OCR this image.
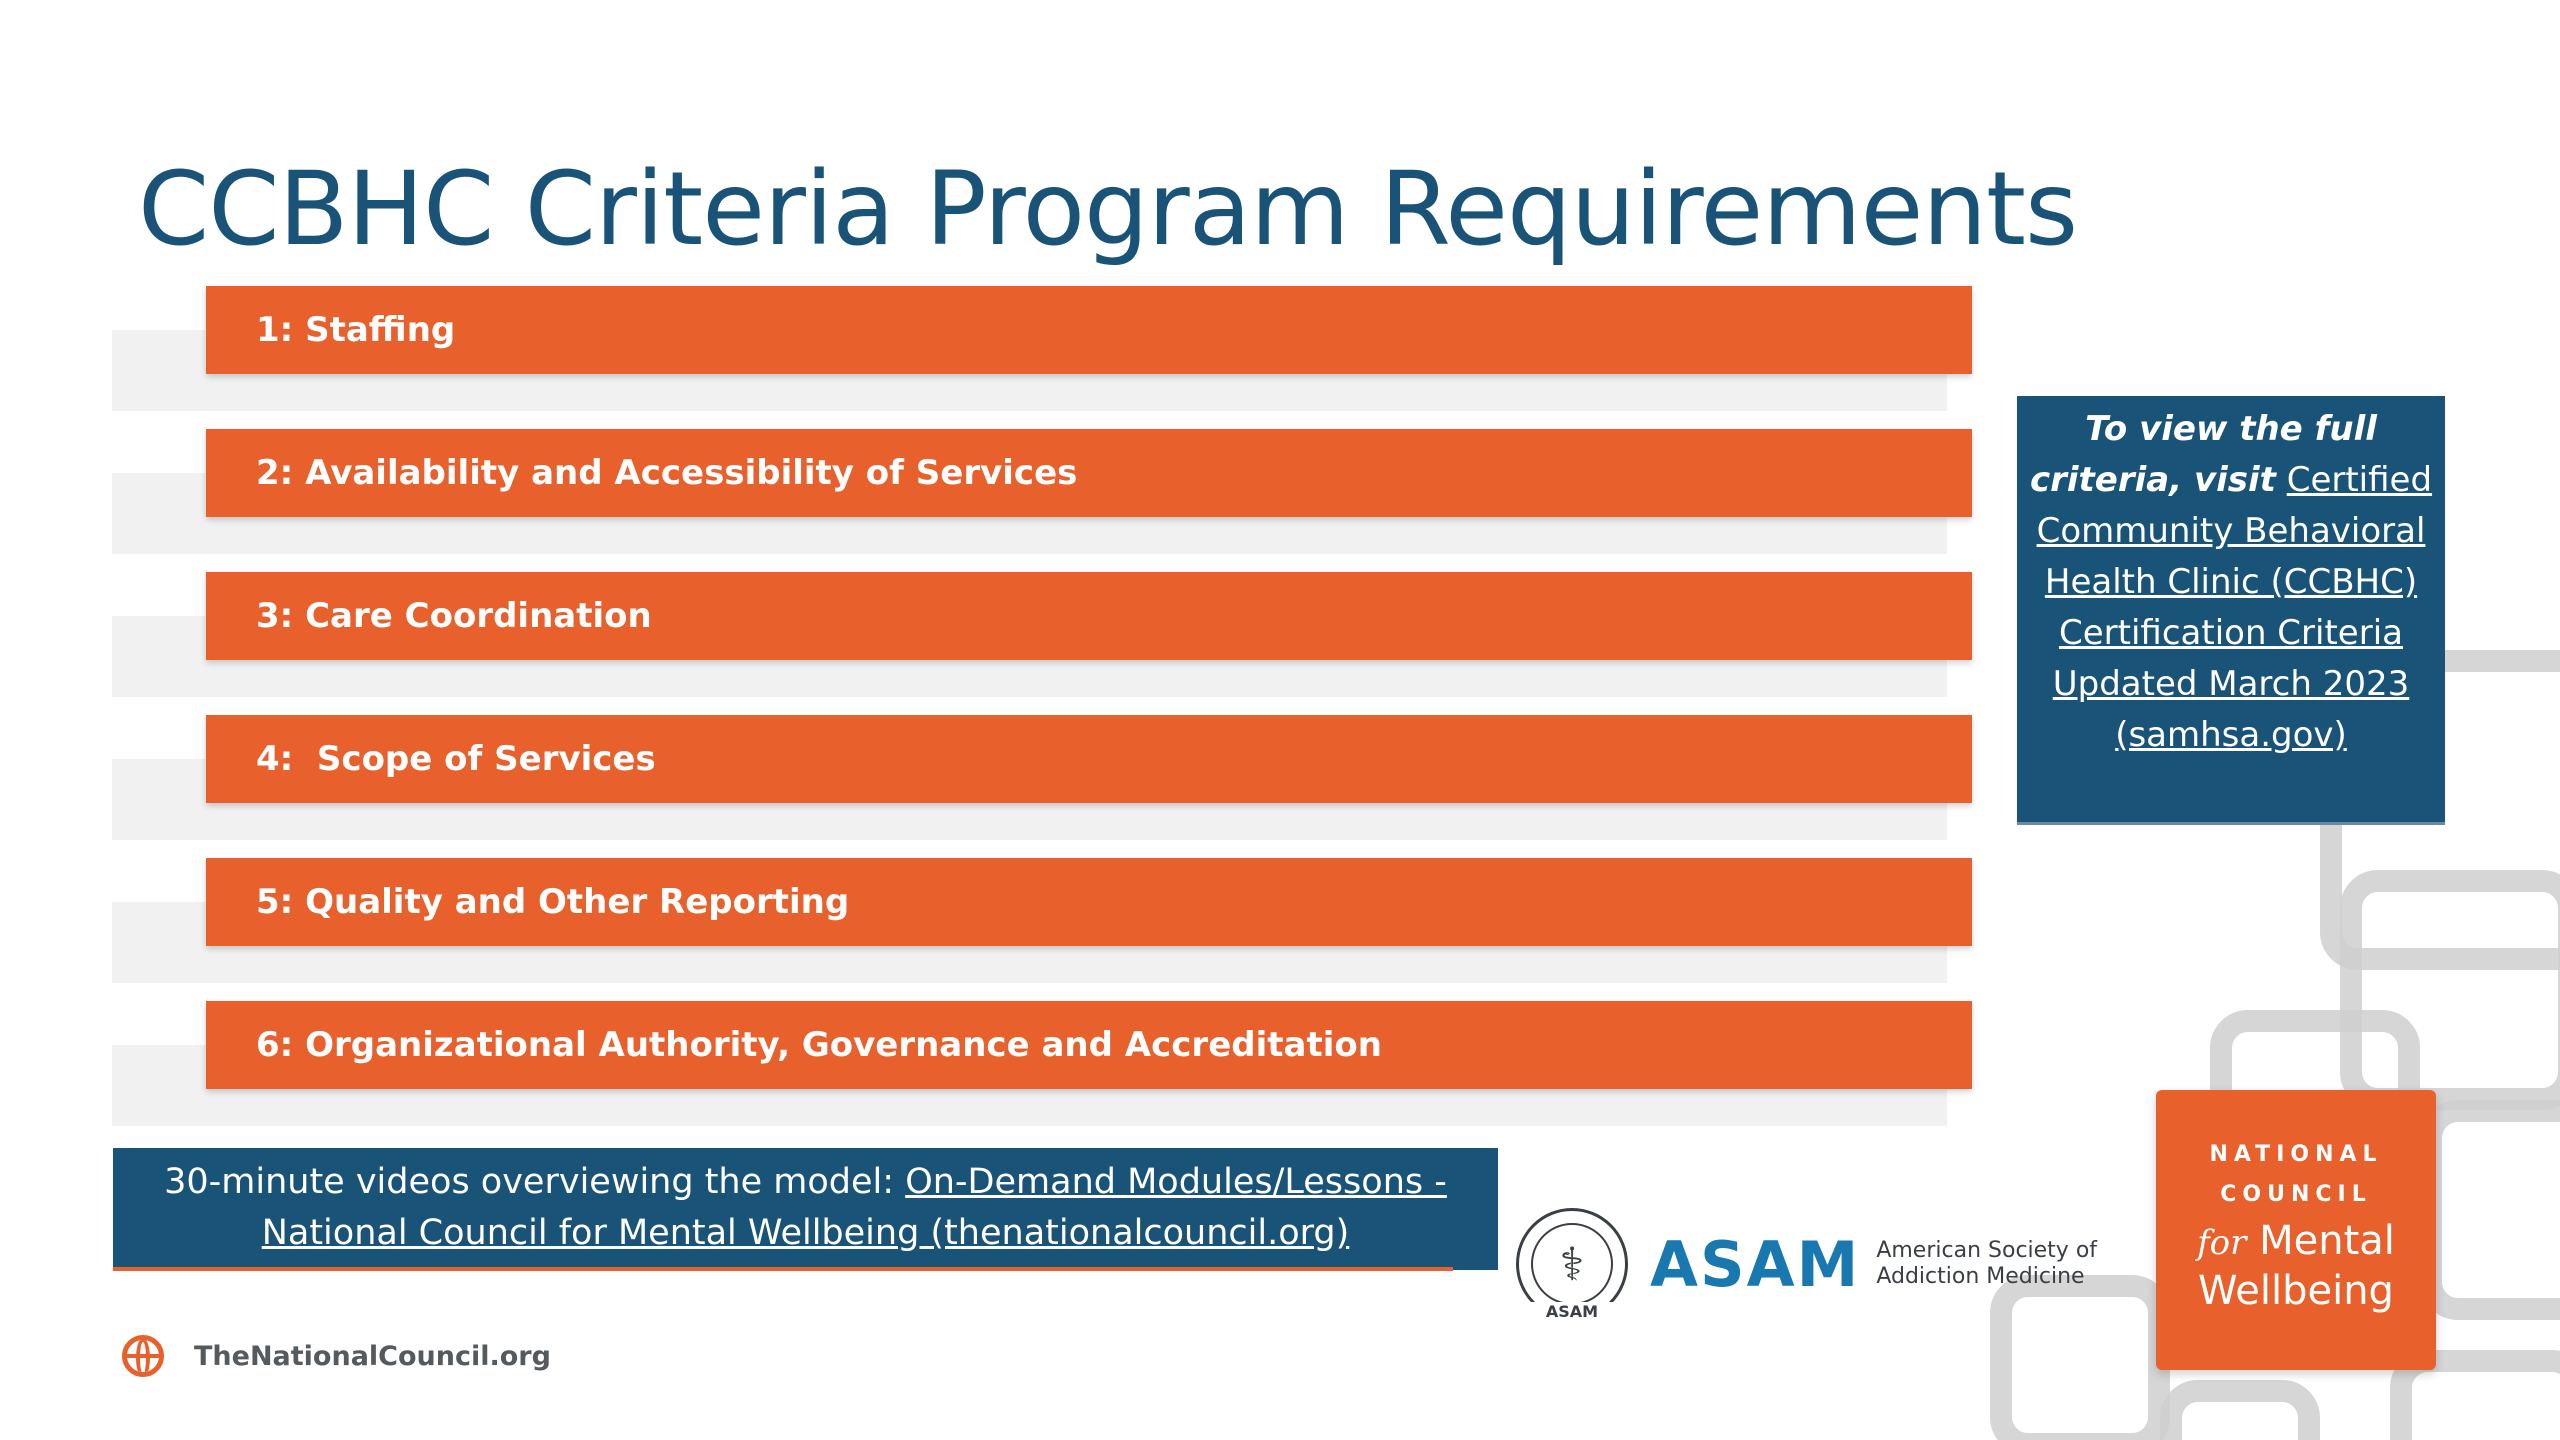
CCBHC Criteria Program Requirements
1: Staffing
2: Availability and Accessibility of Services
3: Care Coordination
4:  Scope of Services
5: Quality and Other Reporting
6: Organizational Authority, Governance and Accreditation
To view the full criteria, visit Certified Community Behavioral Health Clinic (CCBHC) Certification Criteria Updated March 2023 (samhsa.gov)
30-minute videos overviewing the model: On-Demand Modules/Lessons - National Council for Mental Wellbeing (thenationalcouncil.org)
TheNationalCouncil.org
⚕
ASAM
ASAM American Society of
Addiction Medicine
NATIONAL
COUNCIL
for Mental
Wellbeing
